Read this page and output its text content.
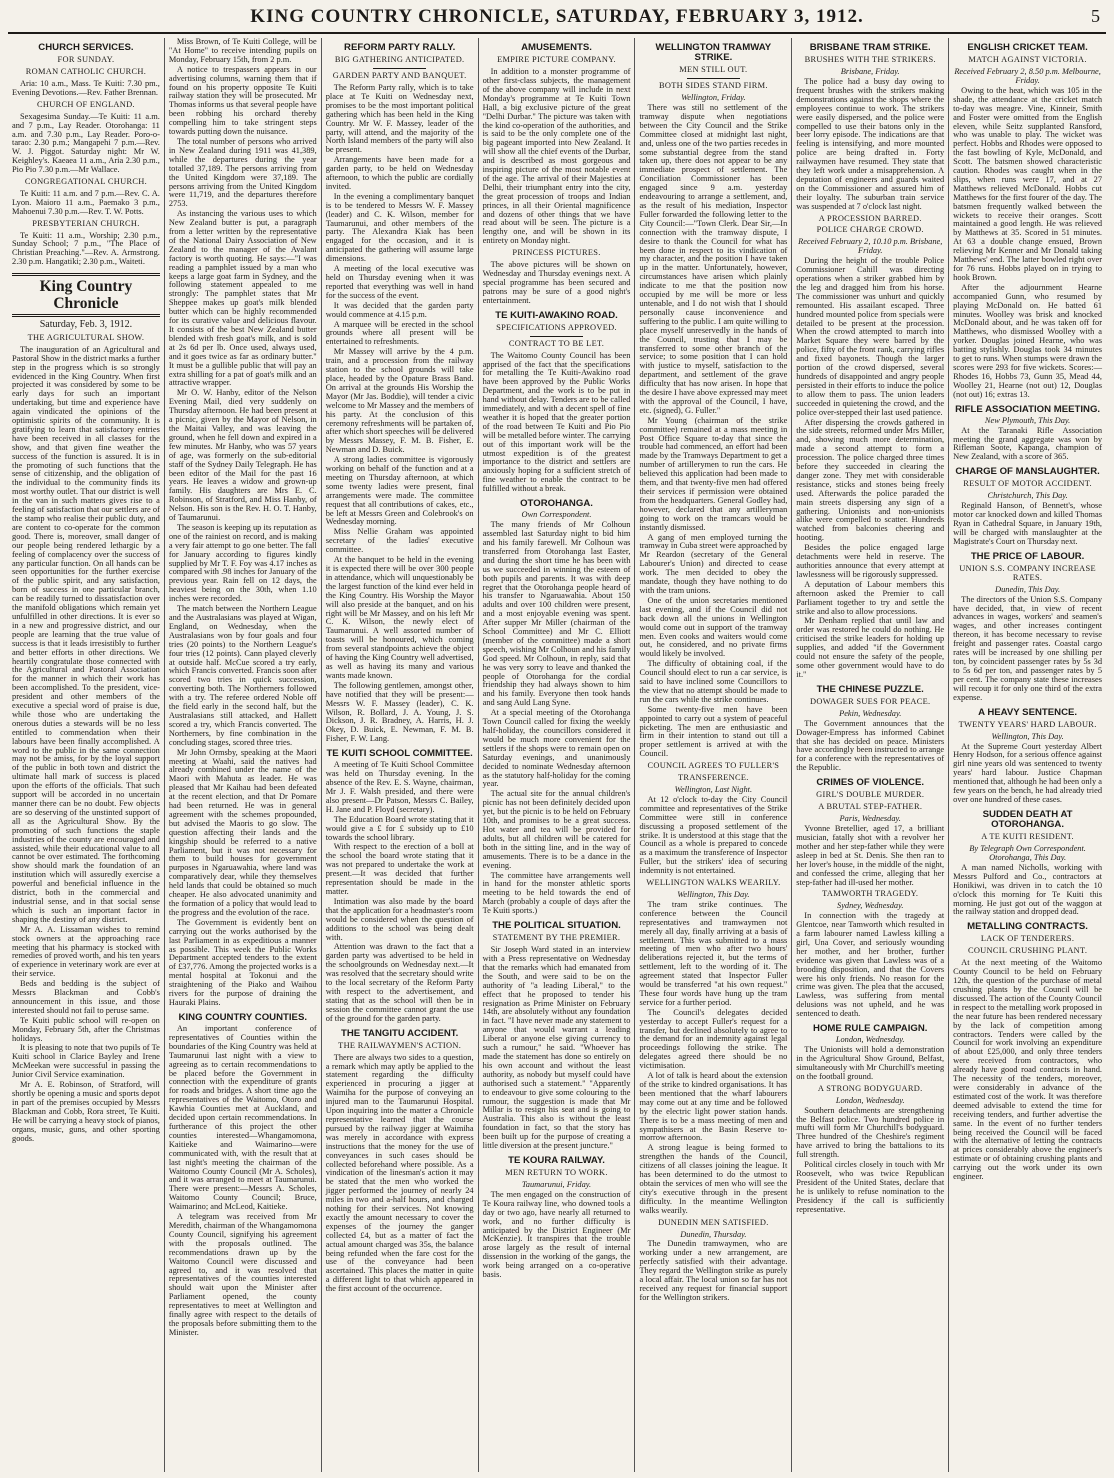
KING COUNTRY CHRONICLE, SATURDAY, FEBRUARY 3, 1912.	5
CHURCH SERVICES.
FOR SUNDAY.
ROMAN CATHOLIC CHURCH.

Aria: 10 a.m., Mass. Te Kuiti: 7.30 pm., Evening Devotions.—Rev. Father Brennan.

CHURCH OF ENGLAND.

Sexagesima Sunday.—Te Kuiti: 11 a.m. and 7 p.m., Lay Reader. Otorohanga: 11 a.m. and 7.30 p.m., Lay Reader. Poro-o-tarao: 2.30 p.m.; Mangapehi 7 p.m.—Rev. W. J. Piggot. Saturday night: Mr W. Keighley's. Kaeaea 11 a.m., Aria 2.30 p.m., Pio Pio 7.30 p.m.—Mr Wallace.

CONGREGATIONAL CHURCH.

Te Kuiti: 11 a.m. and 7 p.m.—Rev. C. A. Lyon. Maioro 11 a.m., Paemako 3 p.m., Mahoenui 7.30 p.m.—Rev. T. W. Potts.

PRESBYTERIAN CHURCH.

Te Kuiti: 11 a.m., Worship; 2.30 p.m., Sunday School; 7 p.m., "The Place of Christian Preaching."—Rev. A. Armstrong. 2.30 p.m. Hangatiki; 2.30 p.m., Waiteti.

King Country Chronicle
Saturday, Feb. 3, 1912.
THE AGRICULTURAL SHOW.

The inauguration of an Agricultural and Pastoral Show in the district marks a further step in the progress which is so strongly evidenced in the King Country. When first projected it was considered by some to be early days for such an important undertaking, but time and experience have again vindicated the opinions of the optimistic spirits of the community. It is gratifying to learn that satisfactory entries have been received in all classes for the show, and that given fine weather the success of the function is assured. It is in the promoting of such functions that the sense of citizenship, and the obligation of the individual to the community finds its most worthy outlet. That our district is well in the van in such matters gives rise to a feeling of satisfaction that our settlers are of the stamp who realise their public duty, and are content to co-operate for the common good. There is, moreover, small danger of our people being rendered lethargic by a feeling of complacency over the success of any particular function. On all hands can be seen opportunities for the further exercise of the public spirit, and any satisfaction, born of success in one particular branch, can be readily turned to dissatisfaction over the manifold obligations which remain yet unfulfilled in other directions. It is ever so in a new and progressive district, and our people are learning that the true value of success is that it leads irresistibly to further and better efforts in other directions. We heartily congratulate those connected with the Agricultural and Pastoral Association for the manner in which their work has been accomplished. To the president, vice-president and other members of the executive a special word of praise is due, while those who are undertaking the onerous duties a stewards will be no less entitled to commendation when their labours have been finally accomplished. A word to the public in the same connection may not be amiss, for by the loyal support of the public in both town and district the ultimate hall mark of success is placed upon the efforts of the officials. That such support will be accorded in no uncertain manner there can be no doubt. Few objects are so deserving of the unstinted support of all as the Agricultural Show. By the promoting of such functions the staple industries of the county are encouraged and assisted, while their educational value to all cannot be over estimated. The forthcoming show should mark the foundation of an institution which will assuredly exercise a powerful and beneficial influence in the district, both in the commercial and industrial sense, and in that social sense which is such an important factor in shaping the destiny of any district.

Mr A. A. Lissaman wishes to remind stock owners at the approaching race meeting that his pharmacy is stocked with remedies of proved worth, and his ten years of experience in veterinary work are ever at their service.

Beds and bedding is the subject of Messrs Blackman and Cobb's announcement in this issue, and those interested should not fail to peruse same.

Te Kuiti public school will re-open on Monday, February 5th, after the Christmas holidays.

It is pleasing to note that two pupils of Te Kuiti school in Clarice Bayley and Irene McMeekan were successful in passing the Junior Civil Service examination.

Mr A. E. Robinson, of Stratford, will shortly be opening a music and sports depot in part of the premises occupied by Messrs Blackman and Cobb, Rora street, Te Kuiti. He will be carrying a heavy stock of pianos, organs, music, guns, and other sporting goods.

Miss Brown, of Te Kuiti College, will be "At Home" to receive intending pupils on Monday, February 15th, from 2 p.m.

A notice to trespassers appears in our advertising columns, warning them that if found on his property opposite Te Kuiti railway station they will be prosecuted. Mr Thomas informs us that several people have been robbing his orchard thereby compelling him to take stringent steps towards putting down the nuisance.

The total number of persons who arrived in New Zealand during 1911 was 41,389, while the departures during the year totalled 37,189. The persons arriving from the United Kingdom were 37,189. The persons arriving from the United Kingdom were 11,719, and the departures therefore 2753.

As instancing the various uses to which New Zealand butter is put, a paragraph from a letter written by the representative of the National Dairy Association of New Zealand to the manager of the Avalant factory is worth quoting. He says:—"I was reading a pamphlet issued by a man who keeps a large goat farm in Sydney, and the following statement appealed to me strongly: The pamphlet states that Mr Sheppee makes up goat's milk blended butter which can be highly recommended for its curative value and delicious flavour. It consists of the best New Zealand butter blended with fresh goat's milk, and is sold at 2s 6d per lb. Once used, always used, and it goes twice as far as ordinary butter." It must be a gullible public that will pay an extra shilling for a pat of goat's milk and an attractive wrapper.

Mr O. W. Hanby, editor of the Nelson Evening Mail, died very suddenly on Thursday afternoon. He had been present at a picnic, given by the Mayor of Nelson, in the Maitai Valley, and was leaving the ground, when he fell down and expired in a few minutes. Mr Hanby, who was 57 years of age, was formerly on the sub-editorial staff of the Sydney Daily Telegraph. He has been editor of the Mail for the past 16 years. He leaves a widow and grown-up family. His daughters are Mrs E. C. Robinson, of Stratford, and Miss Hanby, of Nelson. His son is the Rev. H. O. T. Hanby, of Taumarunui.

The season is keeping up its reputation as one of the rainiest on record, and is making a very fair attempt to go one better. The fall for January according to figures kindly supplied by Mr T. F. Foy was 4.17 inches as compared with .98 inches for January of the previous year. Rain fell on 12 days, the heaviest being on the 30th, when 1.10 inches were recorded.

The match between the Northern League and the Australasians was played at Wigan, England, on Wednesday, when the Australasians won by four goals and four tries (20 points) to the Northern League's four tries (12 points). Cann played cleverly at outside half. McCue scored a try early, which Francis converted. Francis soon after scored two tries in quick succession, converting both. The Northerners followed with a try. The referee ordered Noble off the field early in the second half, but the Australasians still attacked, and Hallett scored a try, which Francis converted. The Northerners, by fine combination in the concluding stages, scored three tries.

Mr John Ormsby, speaking at the Maori meeting at Waahi, said the natives had already combined under the name of the Maori with Mahuta as leader. He was pleased that Mr Kaihau had been defeated at the recent election, and that Dr Pomare had been returned. He was in general agreement with the schemes propounded, but advised the Maoris to go slow. The question affecting their lands and the kingship should be referred to a native Parliament, but it was not necessary for them to build houses for government purposes in Ngaruawahia, where land was comparatively dear, while they themselves held lands that could be obtained so much cheaper. He also advocated unanimity and the formation of a policy that would lead to the progress and the evolution of the race.

The Government is evidently bent on carrying out the works authorised by the last Parliament in as expeditious a manner as possible. This week the Public Works Department accepted tenders to the extent of £37,776. Among the projected works is a mental hospital at Tokonui and the straightening of the Piako and Waihou rivers for the purpose of draining the Hauraki Plains.

KING COUNTRY COUNTIES.

An important conference of representatives of Counties within the boundaries of the King Country was held at Taumarunui last night with a view to agreeing as to certain recommendations to be placed before the Government in connection with the expenditure of grants for roads and bridges. A short time ago the representatives of the Waitomo, Otoro and Kawhia Counties met at Auckland, and decided upon certain recommendations. In furtherance of this project the other counties interested—Whangamomona, Kaitieke and Waimarino—were communicated with, with the result that at last night's meeting the chairman of the Waitomo County Council (Mr A. Scholes), and it was arranged to meet at Taumarunui. There were present:—Messrs A. Scholes, Waitomo County Council; Bruce, Waimarino; and McLeod, Kaitieke.

A telegram was received from Mr Meredith, chairman of the Whangamomona County Council, signifying his agreement with the proposals outlined. The recommendations drawn up by the Waitomo Council were discussed and agreed to, and it was resolved that representatives of the counties interested should wait upon the Minister after Parliament opened, the county representatives to meet at Wellington and finally agree with respect to the details of the proposals before submitting them to the Minister.

REFORM PARTY RALLY.
BIG GATHERING ANTICIPATED.
GARDEN PARTY AND BANQUET.

The Reform Party rally, which is to take place at Te Kuiti on Wednesday next, promises to be the most important political gathering which has been held in the King Country. Mr W. F. Massey, leader of the party, will attend, and the majority of the North Island members of the party will also be present.

Arrangements have been made for a garden party, to be held on Wednesday afternoon, to which the public are cordially invited.

In the evening a complimentary banquet is to be tendered to Messrs W. F. Massey (leader) and C. K. Wilson, member for Taumarunui, and other members of the party. The Alexandra Kiak has been engaged for the occasion, and it is anticipated the gathering will assume large dimensions.

A meeting of the local executive was held on Thursday evening when it was reported that everything was well in hand for the success of the event.

It was decided that the garden party would commence at 4.15 p.m.

A marquee will be erected in the school grounds where all present will be entertained to refreshments.

Mr Massey will arrive by the 4 p.m. train, and a procession from the railway station to the school grounds will take place, headed by the Opature Brass Band. On arrival at the grounds His Worship the Mayor (Mr Jas. Boddie), will tender a civic welcome to Mr Massey and the members of his party. At the conclusion of this ceremony refreshments will be partaken of, after which short speeches will be delivered by Messrs Massey, F. M. B. Fisher, E. Newman and D. Buick.

A strong ladies committee is vigorously working on behalf of the function and at a meeting on Thursday afternoon, at which some twenty ladies were present, final arrangements were made. The committee request that all contributions of cakes, etc., be left at Messrs Green and Colebrook's on Wednesday morning.

Miss Nellie Graham was appointed secretary of the ladies' executive committee.

At the banquet to be held in the evening it is expected there will be over 300 people in attendance, which will unquestionably be the largest function of the kind ever held in the King Country. His Worship the Mayor will also preside at the banquet, and on his right will be Mr Massey, and on his left Mr C. K. Wilson, the newly elect of Taumarunui. A well assorted number of toasts will be honoured, which coming from several standpoints achieve the object of having the King Country well advertised, as well as having its many and various wants made known.

The following gentlemen, amongst other, have notified that they will be present:—Messrs W. F. Massey (leader), C. K. Wilson, R. Bollard, J. A. Young, J. S. Dickson, J. R. Bradney, A. Harris, H. J. Okey, D. Buick, E. Newman, F. M. B. Fisher, F. W. Lang.

TE KUITI SCHOOL COMMITTEE.

A meeting of Te Kuiti School Committee was held on Thursday evening. In the absence of the Rev. E. S. Wayne, chairman, Mr J. F. Walsh presided, and there were also present—Dr Patson, Messrs C. Bailey, H. Jane and P. Floyd (secretary).

The Education Board wrote stating that it would give a £ for £ subsidy up to £10 towards the school library.

With respect to the erection of a boll at the school the board wrote stating that it was not prepared to undertake the work at present.—It was decided that further representation should be made in the matter.

Intimation was also made by the board that the application for a headmaster's room would be considered when the question of additions to the school was being dealt with.

Attention was drawn to the fact that a garden party was advertised to be held in the schoolgrounds on Wednesday next.—It was resolved that the secretary should write to the local secretary of the Reform Party with respect to the advertisement, and stating that as the school will then be in session the committee cannot grant the use of the ground for the garden party.

THE TANGITU ACCIDENT.
THE RAILWAYMEN'S ACTION.

There are always two sides to a question, a remark which may aptly be applied to the statement regarding the difficulty experienced in procuring a jigger at Waimiha for the purpose of conveying an injured man to the Taumarunui Hospital. Upon inquiring into the matter a Chronicle representative learned that the course pursued by the railway jigger at Waimiha was merely in accordance with express instructions that the money for the use of conveyances in such cases should be collected beforehand where possible. As a vindication of the linesman's action it may be stated that the men who worked the jigger performed the journey of nearly 24 miles in two and a-half hours, and charged nothing for their services. Not knowing exactly the amount necessary to cover the expenses of the journey the ganger collected £4, but as a matter of fact the actual amount charged was 35s, the balance being refunded when the fare cost for the use of the conveyance had been ascertained. This places the matter in quite a different light to that which appeared in the first account of the occurrence.

AMUSEMENTS.
EMPIRE PICTURE COMPANY.

In addition to a monster programme of other first-class subjects, the management of the above company will include in next Monday's programme at Te Kuiti Town Hall, a big exclusive picture of the great "Delhi Durbar." The picture was taken with the kind co-operation of the authorities, and is said to be the only complete one of the big pageant imported into New Zealand. It will show all the chief events of the Durbar, and is described as most gorgeous and inspiring picture of the most notable event of the age. The arrival of their Majesties at Delhi, their triumphant entry into the city, the great procession of troops and Indian princes, in all their Oriental magnificence and dozens of other things that we have read about will be seen. The picture is a lengthy one, and will be shown in its entirety on Monday night.

PRINCESS PICTURES.

The above pictures will be shown on Wednesday and Thursday evenings next. A special programme has been secured and patrons may be sure of a good night's entertainment.

TE KUITI-AWAKINO ROAD.
SPECIFICATIONS APPROVED.
CONTRACT TO BE LET.

The Waitomo County Council has been apprised of the fact that the specifications for metalling the Te Kuiti-Awakino road have been approved by the Public Works Department, and the work is to be put in hand without delay. Tenders are to be called immediately, and with a decent spell of fine weather it is hoped that the greater portion of the road between Te Kuiti and Pio Pio will be metalled before winter. The carrying out of this important work will be the utmost expedition is of the greatest importance to the district and settlers are anxiously hoping for a sufficient stretch of fine weather to enable the contract to be fulfilled without a break.

OTOROHANGA.
Own Correspondent.

The many friends of Mr Colhoun assembled last Saturday night to bid him and his family farewell. Mr Colhoun was transferred from Otorohanga last Easter, and during the short time he has been with us we succeeded in winning the esteem of both pupils and parents. It was with deep regret that the Otorohanga people heard of his transfer to Ngaruawahia. About 150 adults and over 100 children were present, and a most enjoyable evening was spent. After supper Mr Miller (chairman of the School Committee) and Mr C. Elliott (member of the committee) made a short speech, wishing Mr Colhoun and his family God speed. Mr Colhoun, in reply, said that he was very sorry to leave and thanked the people of Otorohanga for the cordial friendship they had always shown to him and his family. Everyone then took hands and sang Auld Lang Syne.

At a special meeting of the Otorohanga Town Council called for fixing the weekly half-holiday, the councillors considered it would be much more convenient for the settlers if the shops were to remain open on Saturday evenings, and unanimously decided to nominate Wednesday afternoon as the statutory half-holiday for the coming year.

The actual site for the annual children's picnic has not been definitely decided upon yet, but the picnic is to be held on February 10th, and promises to be a great success. Hot water and tea will be provided for adults, but all children will be catered for both in the sitting line, and in the way of amusements. There is to be a dance in the evening.

The committee have arrangements well in hand for the monster athletic sports meeting to be held towards the end of March (probably a couple of days after the Te Kuiti sports.)

THE POLITICAL SITUATION.
STATEMENT BY THE PREMIER.

Sir Joseph Ward stated in an interview with a Press representative on Wednesday that the remarks which had emanated from the South, and were said to be on the authority of "a leading Liberal," to the effect that he proposed to tender his resignation as Prime Minister on February 14th, are absolutely without any foundation in fact. "I have never made any statement to anyone that would warrant a leading Liberal or anyone else giving currency to such a rumour," he said. "Whoever has made the statement has done so entirely on his own account and without the least authority, as nobody but myself could have authorised such a statement." "Apparently to endeavour to give some colouring to the rumour, the suggestion is made that Mr Millar is to resign his seat and is going to Australia. This also is without the least foundation in fact, so that the story has been built up for the purpose of creating a little diversion at the present juncture."

TE KOURA RAILWAY.
MEN RETURN TO WORK.
Taumarunui, Friday.

The men engaged on the construction of Te Koura railway line, who downed tools a day or two ago, have nearly all returned to work, and no further difficulty is anticipated by the District Engineer (Mr McKenzie). It transpires that the trouble arose largely as the result of internal dissension in the working of the gangs, the work being arranged on a co-operative basis.

WELLINGTON TRAMWAY STRIKE.
MEN STILL OUT.
BOTH SIDES STAND FIRM.
Wellington, Friday.

There was still no settlement of the tramway dispute when negotiations between the City Council and the Strike Committee closed at midnight last night, and, unless one of the two parties recedes in some substantial degree from the stand taken up, there does not appear to be any immediate prospect of settlement. The Conciliation Commissioner has been engaged since 9 a.m. yesterday endeavouring to arrange a settlement, and, as the result of his mediation, Inspector Fuller forwarded the following letter to the City Council:—"Town Clerk. Dear Sir,—In connection with the tramway dispute, I desire to thank the Council for what has been done in respect to its vindication of my character, and the position I have taken up in the matter. Unfortunately, however, circumstances have arisen which plainly indicate to me that the position now occupied by me will be more or less untenable, and I do not wish that I should personally cause inconvenience and suffering to the public. I am quite willing to place myself unreservedly in the hands of the Council, trusting that I may be transferred to some other branch of the service; to some position that I can hold with justice to myself, satisfaction to the department, and settlement of the grave difficulty that has now arisen. In hope that the desire I have above expressed may meet with the approval of the Council, I have, etc. (signed), G. Fuller."

Mr Young (chairman of the strike committee) remained at a mass meeting in Post Office Square to-day that since the trouble had commenced, an effort had been made by the Tramways Department to get a number of artillerymen to run the cars. He believed this application had been made to them, and that twenty-five men had offered their services if permission were obtained from the headquarters. General Godley had, however, declared that any artilleryman going to work on the tramcars would be instantly dismissed.

A gang of men employed turning the tramway in Cuba street were approached by Mr Reardon (secretary of the General Labourer's Union) and directed to cease work. The men decided to obey the mandate, though they have nothing to do with the tram unions.

One of the union secretaries mentioned last evening, and if the Council did not back down all the unions in Wellington would come out in support of the tramway men. Even cooks and waiters would come out, he considered, and no private firms would likely be involved.

The difficulty of obtaining coal, if the Council should elect to run a car service, is said to have inclined some Councillors to the view that no attempt should be made to run the cars while the strike continues.

Some twenty-five men have been appointed to carry out a system of peaceful picketing. The men are enthusiastic and firm in their intention to stand out till a proper settlement is arrived at with the Council.

COUNCIL AGREES TO FULLER'S
TRANSFERENCE.
Wellington, Last Night.

At 12 o'clock to-day the City Council committee and representatives of the Strike Committee were still in conference discussing a proposed settlement of the strike. It is understood at this stage that the Council as a whole is prepared to concede as a maximum the transference of Inspector Fuller, but the strikers' idea of securing indemnity is not entertained.

WELLINGTON WALKS WEARILY.
Wellington, This Day.

The tram strike continues. The conference between the Council representatives and tramwaymen not merely all day, finally arriving at a basis of settlement. This was submitted to a mass meeting of men who after two hours' deliberations rejected it, but the terms of settlement, left to the wording of it. The agreement stated that Inspector Fuller would be transferred "at his own request." These four words have hung up the tram service for a further period.

The Council's delegates decided yesterday to accept Fuller's request for a transfer, but declined absolutely to agree to the demand for an indemnity against legal proceedings following the strike. The delegates agreed there should be no victimisation.

A lot of talk is heard about the extension of the strike to kindred organisations. It has been mentioned that the wharf labourers may come out at any time and be followed by the electric light power station hands. There is to be a mass meeting of men and sympathisers at the Basin Reserve to-morrow afternoon.

A strong league is being formed to strengthen the hands of the Council, citizens of all classes joining the league. It has been determined to do the utmost to obtain the services of men who will see the city's executive through in the present difficulty. In the meantime Wellington walks wearily.

DUNEDIN MEN SATISFIED.
Dunedin, Thursday.

The Dunedin tramwaymen, who are working under a new arrangement, are perfectly satisfied with their advantage. They regard the Wellington strike as purely a local affair. The local union so far has not received any request for financial support for the Wellington strikers.

BRISBANE TRAM STRIKE.
BRUSHES WITH THE STRIKERS.
Brisbane, Friday.

The police had a busy day owing to frequent brushes with the strikers making demonstrations against the shops where the employees continue to work. The strikers were easily dispersed, and the police were compelled to use their batons only in the beer lorry episode. The indications are that feeling is intensifying, and more mounted police are being drafted in. Forty railwaymen have resumed. They state that they left work under a misapprehension. A deputation of engineers and guards waited on the Commissioner and assured him of their loyalty. The suburban train service was suspended at 7 o'clock last night.

A PROCESSION BARRED.
POLICE CHARGE CROWD.
Received February 2, 10.10 p.m. Brisbane, Friday.

During the height of the trouble Police Commissioner Cahill was directing operations when a striker grabbed him by the leg and dragged him from his horse. The commissioner was unhurt and quickly remounted. His assailant escaped. Three hundred mounted police from specials were detailed to be present at the procession. When the crowd attempted to march into Market Square they were barred by the police, fifty of the front rank, carrying rifles and fixed bayonets. Though the larger portion of the crowd dispersed, several hundreds of disappointed and angry people persisted in their efforts to induce the police to allow them to pass. The union leaders succeeded in quietening the crowd, and the police over-stepped their last used patience.

After dispersing the crowds gathered in the side streets, reformed under Mrs Miller, and, showing much more determination, made a second attempt to form a procession. The police charged three times before they succeeded in clearing the danger zone. They met with considerable resistance, sticks and stones being freely used. Afterwards the police paraded the main streets dispersing any sign of a gathering. Unionists and non-unionists alike were compelled to scatter. Hundreds watched from balconies cheering and hooting.

Besides the police engaged large detachments were held in reserve. The authorities announce that every attempt at lawlessness will be rigorously suppressed.

A deputation of Labour members this afternoon asked the Premier to call Parliament together to try and settle the strike and also to allow processions.

Mr Denham replied that until law and order was restored he could do nothing. He criticised the strike leaders for holding up supplies, and added "if the Government could not ensure the safety of the people, some other government would have to do it."

THE CHINESE PUZZLE.
DOWAGER SUES FOR PEACE.
Pekin, Wednesday.

The Government announces that the Dowager-Empress has informed Cabinet that she has decided on peace. Ministers have accordingly been instructed to arrange for a conference with the representatives of the Republic.

CRIMES OF VIOLENCE.
GIRL'S DOUBLE MURDER.
A BRUTAL STEP-FATHER.
Paris, Wednesday.

Yvonne Bretellier, aged 17, a brilliant musician, fatally shot with a revolver her mother and her step-father while they were asleep in bed at St. Denis. She then ran to her lover's house, in the middle of the night, and confessed the crime, alleging that her step-father had ill-used her mother.

TAMWORTH TRAGEDY.
Sydney, Wednesday.

In connection with the tragedy at Glentcoe, near Tamworth which resulted in a farm labourer named Lawless killing a girl, Una Cover, and seriously wounding her mother, and her brother, further evidence was given that Lawless was of a brooding disposition, and that the Covers were his only friends. No reason for the crime was given. The plea that the accused, Lawless, was suffering from mental delusions was not upheld, and he was sentenced to death.

HOME RULE CAMPAIGN.
London, Wednesday.

The Unionists will hold a demonstration in the Agricultural Show Ground, Belfast, simultaneously with Mr Churchill's meeting on the football ground.

A STRONG BODYGUARD.
London, Wednesday.

Southern detachments are strengthening the Belfast police. Two hundred police in mufti will form Mr Churchill's bodyguard. Three hundred of the Cheshire's regiment have arrived to bring the battalions to its full strength.

Political circles closely in touch with Mr Roosevelt, who was twice Republican President of the United States, declare that he is unlikely to refuse nomination to the Presidency if the call is sufficiently representative.

ENGLISH CRICKET TEAM.
MATCH AGAINST VICTORIA.
Received February 2, 8.50 p.m. Melbourne, Friday.

Owing to the heat, which was 105 in the shade, the attendance at the cricket match to-day was meagre. Vine, Kinneir, Smith and Foster were omitted from the English eleven, while Seitz supplanted Ransford, who was unable to play. The wicket was perfect. Hobbs and Rhodes were opposed to the fast bowling of Kyle, McDonald, and Scott. The batsmen showed characteristic caution. Rhodes was caught when in the slips, when runs were 17, and at 27 Matthews relieved McDonald. Hobbs cut Matthews for the first fourer of the day. The batsmen frequently walked between the wickets to receive their oranges. Scott maintained a good length. He was relieved by Matthews at 35. Scored in 51 minutes. At 63 a double change ensued, Brown relieving Mr Kenner and Mr Donald taking Matthews' end. The latter bowled right over for 76 runs. Hobbs played on in trying to hook Brown.

After the adjournment Hearne accompanied Gunn, who resumed by playing McDonald on. He batted 61 minutes. Woolley was brisk and knocked McDonald about, and he was taken off for Matthews, who dismissed Woolley with a yorker. Douglas joined Hearne, who was batting stylishly. Douglas took 34 minutes to get to runs. When stumps were drawn the scores were 293 for five wickets. Scores:—Rhodes 16, Hobbs 73, Gunn 35, Mead 44, Woolley 21, Hearne (not out) 12, Douglas (not out) 16; extras 13.

RIFLE ASSOCIATION MEETING.
New Plymouth, This Day.

At the Taranaki Rifle Association meeting the grand aggregate was won by Rifleman Soote, Kapanga, champion of New Zealand, with a score of 365.

CHARGE OF MANSLAUGHTER.
RESULT OF MOTOR ACCIDENT.
Christchurch, This Day.

Reginald Hanson, of Bennett's, whose motor car knocked down and killed Thomas Ryan in Cathedral Square, in January 19th, will be charged with manslaughter at the Magistrate's Court on Thursday next.

THE PRICE OF LABOUR.
UNION S.S. COMPANY INCREASE RATES.
Dunedin, This Day.

The directors of the Union S.S. Company have decided, that, in view of recent advances in wages, workers' and seamen's wages, and other increases contingent thereon, it has become necessary to revise freight and passenger rates. Coastal cargo rates will be increased by one shilling per ton, by coincident passenger rates by 5s 3d to 5s 6d per ton, and passenger rates by 5 per cent. The company state these increases will recoup it for only one third of the extra expense.

A HEAVY SENTENCE.
TWENTY YEARS' HARD LABOUR.
Wellington, This Day.

At the Supreme Court yesterday Albert Henry Hodson, for a serious offence against girl nine years old was sentenced to twenty years' hard labour. Justice Chapman mentioned that, although he had been only a few years on the bench, he had already tried over one hundred of these cases.

SUDDEN DEATH AT OTOROHANGA.
A TE KUITI RESIDENT.
By Telegraph Own Correspondent. Otorohanga, This Day.

A man named Nicholls, working with Messrs Pulford and Co., contractors at Honikiwi, was driven in to catch the 10 o'clock this morning for Te Kuiti this morning. He just got out of the waggon at the railway station and dropped dead.

METALLING CONTRACTS.
LACK OF TENDERERS.
COUNCIL CRUSHING PLANT.

At the next meeting of the Waitomo County Council to be held on February 12th, the question of the purchase of metal crushing plants by the Council will be discussed. The action of the County Council in respect to the metalling work proposed in the near future has been rendered necessary by the lack of competition among contractors. Tenders were called by the Council for work involving an expenditure of about £25,000, and only three tenders were received from contractors, who already have good road contracts in hand. The necessity of the tenders, moreover, were considerably in advance of the estimated cost of the work. It was therefore deemed advisable to extend the time for receiving tenders, and further advertise the same. In the event of no further tenders being received the Council will be faced with the alternative of letting the contracts at prices considerably above the engineer's estimate or of obtaining crushing plants and carrying out the work under its own engineer.
